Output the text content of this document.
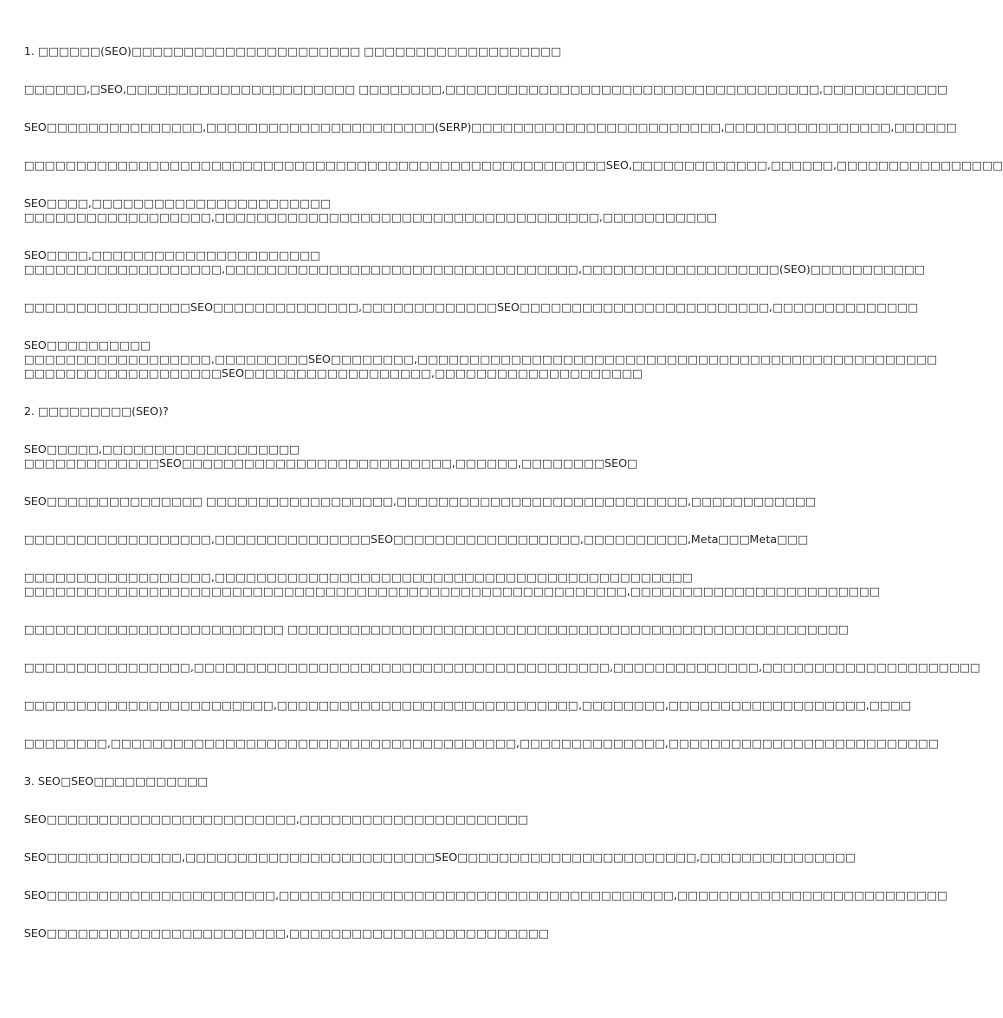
1. □□□□□□(SEO)□□□□□□□□□□□□□□□□□□□□□□ □□□□□□□□□□□□□□□□□□□
□□□□□□,□SEO,□□□□□□□□□□□□□□□□□□□□□□ □□□□□□□□,□□□□□□□□□□□□□□□□□□□□□□□□□□□□□□□□□□□□,□□□□□□□□□□□□
SEO□□□□□□□□□□□□□□□,□□□□□□□□□□□□□□□□□□□□□□(SERP)□□□□□□□□□□□□□□□□□□□□□□□□,□□□□□□□□□□□□□□□□,□□□□□□
□□□□□□□□□□□□□□□□□□□□□□□□□□□□□□□□□□□□□□□□□□□□□□□□□□□□□□□□SEO,□□□□□□□□□□□□□,□□□□□□,□□□□□□□□□□□□□□□□
SEO□□□□,□□□□□□□□□□□□□□□□□□□□□□□
□□□□□□□□□□□□□□□□□□,□□□□□□□□□□□□□□□□□□□□□□□□□□□□□□□□□□□□□,□□□□□□□□□□□
SEO□□□□,□□□□□□□□□□□□□□□□□□□□□□
□□□□□□□□□□□□□□□□□□□,□□□□□□□□□□□□□□□□□□□□□□□□□□□□□□□□□□,□□□□□□□□□□□□□□□□□□□(SEO)□□□□□□□□□□□
□□□□□□□□□□□□□□□□SEO□□□□□□□□□□□□□□,□□□□□□□□□□□□□SEO□□□□□□□□□□□□□□□□□□□□□□□□,□□□□□□□□□□□□□□
SEO□□□□□□□□□□
□□□□□□□□□□□□□□□□□□,□□□□□□□□□SEO□□□□□□□□,□□□□□□□□□□□□□□□□□□□□□□□□□□□□□□□□□□□□□□□□□□□□□□□□□□
□□□□□□□□□□□□□□□□□□□SEO□□□□□□□□□□□□□□□□□□,□□□□□□□□□□□□□□□□□□□□
2. □□□□□□□□□(SEO)?
SEO□□□□□,□□□□□□□□□□□□□□□□□□□
□□□□□□□□□□□□□SEO□□□□□□□□□□□□□□□□□□□□□□□□□□,□□□□□□,□□□□□□□□SEO□
SEO□□□□□□□□□□□□□□□ □□□□□□□□□□□□□□□□□□,□□□□□□□□□□□□□□□□□□□□□□□□□□□□,□□□□□□□□□□□□
□□□□□□□□□□□□□□□□□□,□□□□□□□□□□□□□□□SEO□□□□□□□□□□□□□□□□□□,□□□□□□□□□□,Meta□□□Meta□□□
□□□□□□□□□□□□□□□□□□,□□□□□□□□□□□□□□□□□□□□□□□□□□□□□□□□□□□□□□□□□□□□□□
□□□□□□□□□□□□□□□□□□□□□□□□□□□□□□□□□□□□□□□□□□□□□□□□□□□□□□□□□□,□□□□□□□□□□□□□□□□□□□□□□□□
□□□□□□□□□□□□□□□□□□□□□□□□□ □□□□□□□□□□□□□□□□□□□□□□□□□□□□□□□□□□□□□□□□□□□□□□□□□□□□□□
□□□□□□□□□□□□□□□□,□□□□□□□□□□□□□□□□□□□□□□□□□□□□□□□□□□□□□□□□,□□□□□□□□□□□□□□,□□□□□□□□□□□□□□□□□□□□□
□□□□□□□□□□□□□□□□□□□□□□□□,□□□□□□□□□□□□□□□□□□□□□□□□□□□□□,□□□□□□□□,□□□□□□□□□□□□□□□□□□□,□□□□
□□□□□□□□,□□□□□□□□□□□□□□□□□□□□□□□□□□□□□□□□□□□□□□□,□□□□□□□□□□□□□□,□□□□□□□□□□□□□□□□□□□□□□□□□□
3. SEO□SEO□□□□□□□□□□□
SEO□□□□□□□□□□□□□□□□□□□□□□□□,□□□□□□□□□□□□□□□□□□□□□□
SEO□□□□□□□□□□□□□,□□□□□□□□□□□□□□□□□□□□□□□□SEO□□□□□□□□□□□□□□□□□□□□□□□,□□□□□□□□□□□□□□□
SEO□□□□□□□□□□□□□□□□□□□□□□,□□□□□□□□□□□□□□□□□□□□□□□□□□□□□□□□□□□□□□,□□□□□□□□□□□□□□□□□□□□□□□□□□
SEO□□□□□□□□□□□□□□□□□□□□□□□,□□□□□□□□□□□□□□□□□□□□□□□□□
